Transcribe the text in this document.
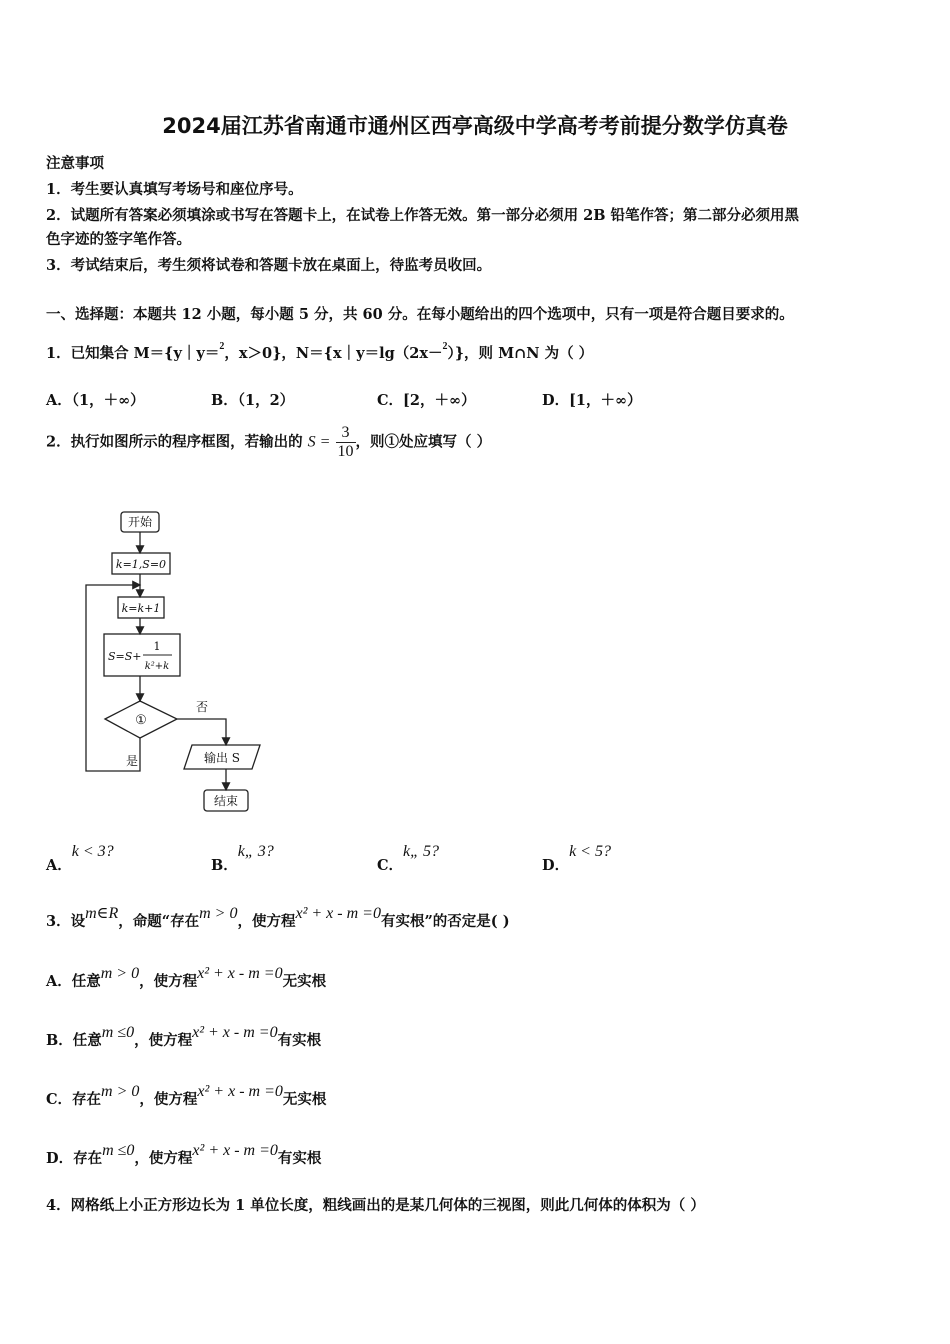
2024届江苏省南通市通州区西亭高级中学高考考前提分数学仿真卷
注意事项
1．考生要认真填写考场号和座位序号。
2．试题所有答案必须填涂或书写在答题卡上，在试卷上作答无效。第一部分必须用 2B 铅笔作答；第二部分必须用黑
色字迹的签字笔作答。
3．考试结束后，考生须将试卷和答题卡放在桌面上，待监考员收回。
一、选择题：本题共 12 小题，每小题 5 分，共 60 分。在每小题给出的四个选项中，只有一项是符合题目要求的。
1．已知集合 M＝{y｜y＝$^2$，x＞0}，N＝{x｜y＝lg（2x－$^2$）}，则 M∩N 为（ ）
A．（1，＋∞）	B．（1，2）	C．[2，＋∞）	D．[1，＋∞）
2．执行如图所示的程序框图，若输出的 $S = \frac{3}{10}$ ，则①处应填写（ ）
开始
k=1,S=0
k=k+1
S=S+
1
k²+k
①
否
是	输出 S
结束
A．k < 3?
B．k„ 3?
C．k„ 5?
D．k < 5?
3．设m∈R，命题“存在m > 0，使方程x² + x - m =0有实根”的否定是( )
A．任意m > 0，使方程x² + x - m =0无实根
B．任意m ≤0，使方程x² + x - m =0有实根
C．存在m > 0，使方程x² + x - m =0无实根
D．存在m ≤0，使方程x² + x - m =0有实根
4．网格纸上小正方形边长为 1 单位长度，粗线画出的是某几何体的三视图，则此几何体的体积为（ ）
